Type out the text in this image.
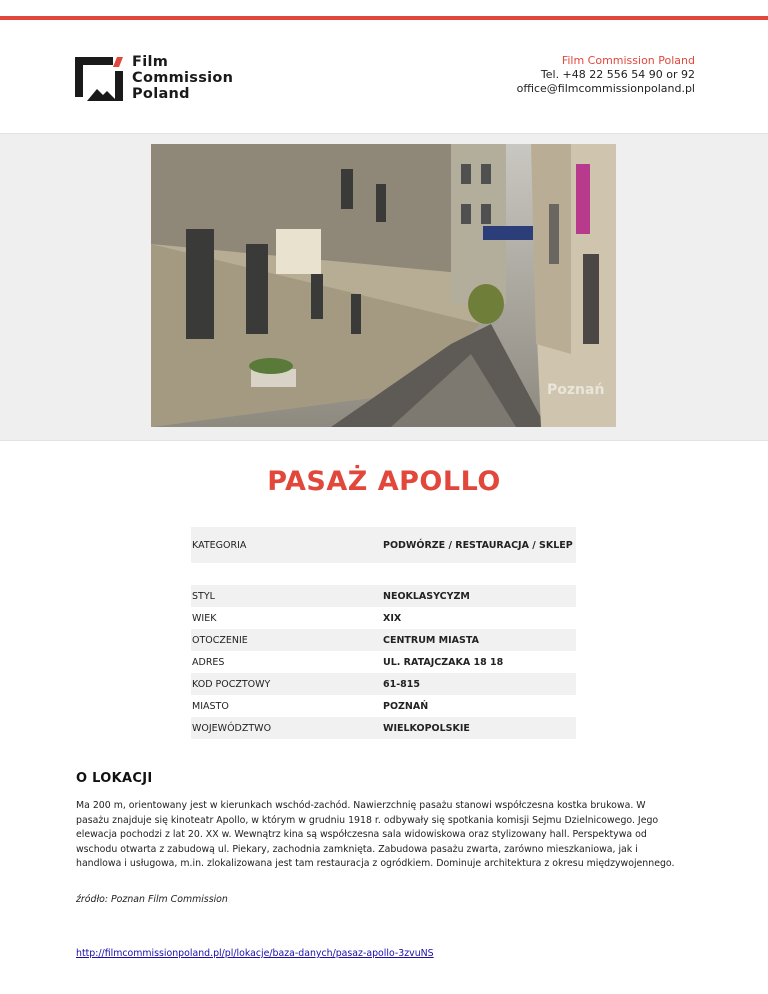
Film
Commission
Poland
Film Commission Poland
Tel. +48 22 556 54 90 or 92
office@filmcommissionpoland.pl
Poznań
PASAŻ APOLLO
KATEGORIA	PODWÓRZE / RESTAURACJA / SKLEP
STYL	NEOKLASYCYZM
WIEK	XIX
OTOCZENIE	CENTRUM MIASTA
ADRES	UL. RATAJCZAKA 18 18
KOD POCZTOWY	61-815
MIASTO	POZNAŃ
WOJEWÓDZTWO	WIELKOPOLSKIE
O LOKACJI
Ma 200 m, orientowany jest w kierunkach wschód-zachód. Nawierzchnię pasażu stanowi współczesna kostka brukowa. W pasażu znajduje się kinoteatr Apollo, w którym w grudniu 1918 r. odbywały się spotkania komisji Sejmu Dzielnicowego. Jego elewacja pochodzi z lat 20. XX w. Wewnątrz kina są współczesna sala widowiskowa oraz stylizowany hall. Perspektywa od wschodu otwarta z zabudową ul. Piekary, zachodnia zamknięta. Zabudowa pasażu zwarta, zarówno mieszkaniowa, jak i handlowa i usługowa, m.in. zlokalizowana jest tam restauracja z ogródkiem. Dominuje architektura z okresu międzywojennego.
źródło: Poznan Film Commission
http://filmcommissionpoland.pl/pl/lokacje/baza-danych/pasaz-apollo-3zvuNS
